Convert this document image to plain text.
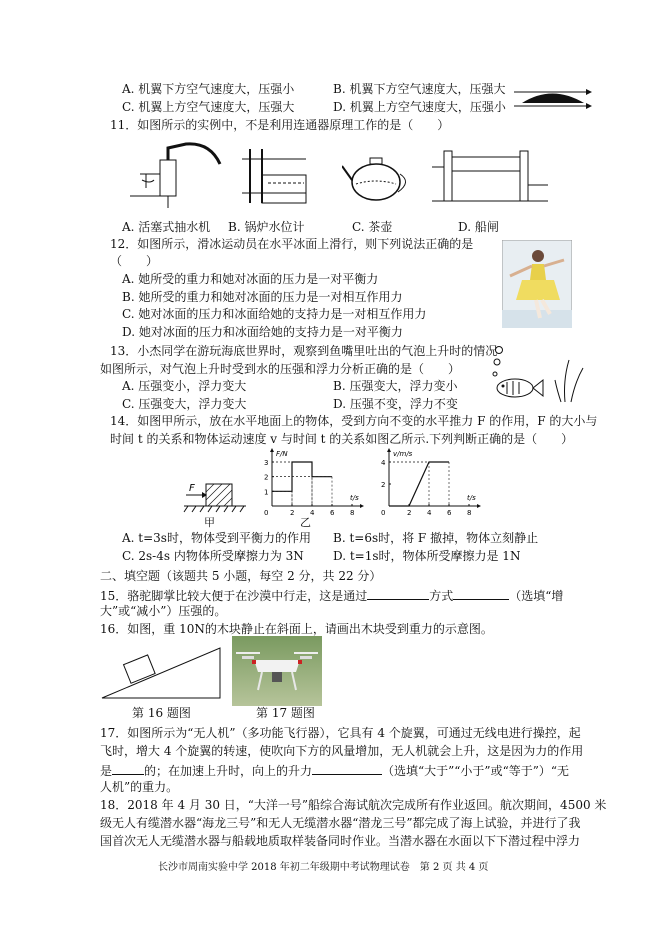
A. 机翼下方空气速度大，压强小	B. 机翼下方空气速度大，压强大
C. 机翼上方空气速度大，压强大	D. 机翼上方空气速度大，压强小
11．如图所示的实例中，不是利用连通器原理工作的是（　　）
A. 活塞式抽水机 B. 锅炉水位计	C. 茶壶	D. 船闸
12．如图所示，滑冰运动员在水平冰面上滑行，则下列说法正确的是
（　　）
A. 她所受的重力和她对冰面的压力是一对平衡力
B. 她所受的重力和她对冰面的压力是一对相互作用力
C. 她对冰面的压力和冰面给她的支持力是一对相互作用力
D. 她对冰面的压力和冰面给她的支持力是一对平衡力
13．小杰同学在游玩海底世界时，观察到鱼嘴里吐出的气泡上升时的情况
如图所示，对气泡上升时受到水的压强和浮力分析正确的是（　　）
A. 压强变小，浮力变大	B. 压强变大，浮力变小
C. 压强变大，浮力变大	D. 压强不变，浮力不变
14．如图甲所示，放在水平地面上的物体，受到方向不变的水平推力 F 的作用，F 的大小与
时间 t 的关系和物体运动速度 v 与时间 t 的关系如图乙所示.下列判断正确的是（　　）
F
甲
F/N
t/s
0	2 4 6 8
1
2
3
乙
v/m/s
t/s
0	2 4 6 8
2
4
A. t=3s时，物体受到平衡力的作用 B. t=6s时，将 F 撤掉，物体立刻静止
C. 2s-4s 内物体所受摩擦力为 3N D. t=1s时，物体所受摩擦力是 1N
二、填空题（该题共 5 小题，每空 2 分，共 22 分）
15．骆驼脚掌比较大便于在沙漠中行走，这是通过	方式	（选填“增
大”或“减小”）压强的。
16．如图，重 10N的木块静止在斜面上，请画出木块受到重力的示意图。
第 16 题图	第 17 题图
17．如图所示为“无人机”（多功能飞行器），它具有 4 个旋翼，可通过无线电进行操控，起
飞时，增大 4 个旋翼的转速，使吹向下方的风量增加，无人机就会上升，这是因为力的作用
是	的；在加速上升时，向上的升力	（选填“大于”“小于”或“等于”）“无
人机”的重力。
18．2018 年 4 月 30 日，“大洋一号”船综合海试航次完成所有作业返回。航次期间，4500 米
级无人有缆潜水器“海龙三号”和无人无缆潜水器“潜龙三号”都完成了海上试验，并进行了我
国首次无人无缆潜水器与船载地质取样装备同时作业。当潜水器在水面以下下潜过程中浮力
长沙市周南实验中学 2018 年初二年级期中考试物理试卷　第 2 页 共 4 页
